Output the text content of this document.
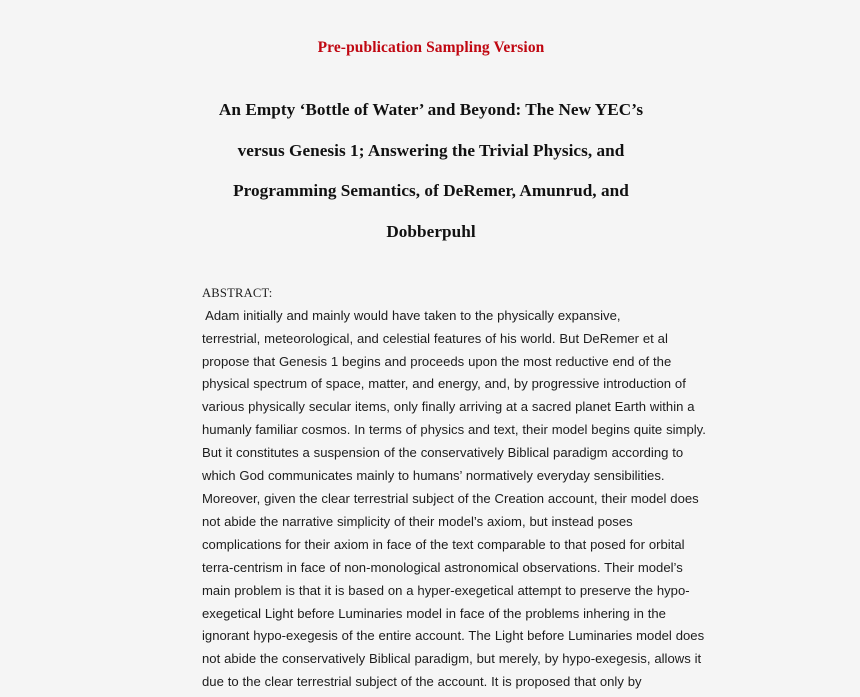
Pre-publication Sampling Version
An Empty ‘Bottle of Water’ and Beyond: The New YEC’s
versus Genesis 1; Answering the Trivial Physics, and
Programming Semantics, of DeRemer, Amunrud, and
Dobberpuhl
ABSTRACT:
Adam initially and mainly would have taken to the physically expansive,
terrestrial, meteorological, and celestial features of his world. But DeRemer et al
propose that Genesis 1 begins and proceeds upon the most reductive end of the
physical spectrum of space, matter, and energy, and, by progressive introduction of
various physically secular items, only finally arriving at a sacred planet Earth within a
humanly familiar cosmos. In terms of physics and text, their model begins quite simply.
But it constitutes a suspension of the conservatively Biblical paradigm according to
which God communicates mainly to humans’ normatively everyday sensibilities.
Moreover, given the clear terrestrial subject of the Creation account, their model does
not abide the narrative simplicity of their model’s axiom, but instead poses
complications for their axiom in face of the text comparable to that posed for orbital
terra-centrism in face of non-monological astronomical observations. Their model’s
main problem is that it is based on a hyper-exegetical attempt to preserve the hypo-
exegetical Light before Luminaries model in face of the problems inhering in the
ignorant hypo-exegesis of the entire account. The Light before Luminaries model does
not abide the conservatively Biblical paradigm, but merely, by hypo-exegesis, allows it
due to the clear terrestrial subject of the account. It is proposed that only by
